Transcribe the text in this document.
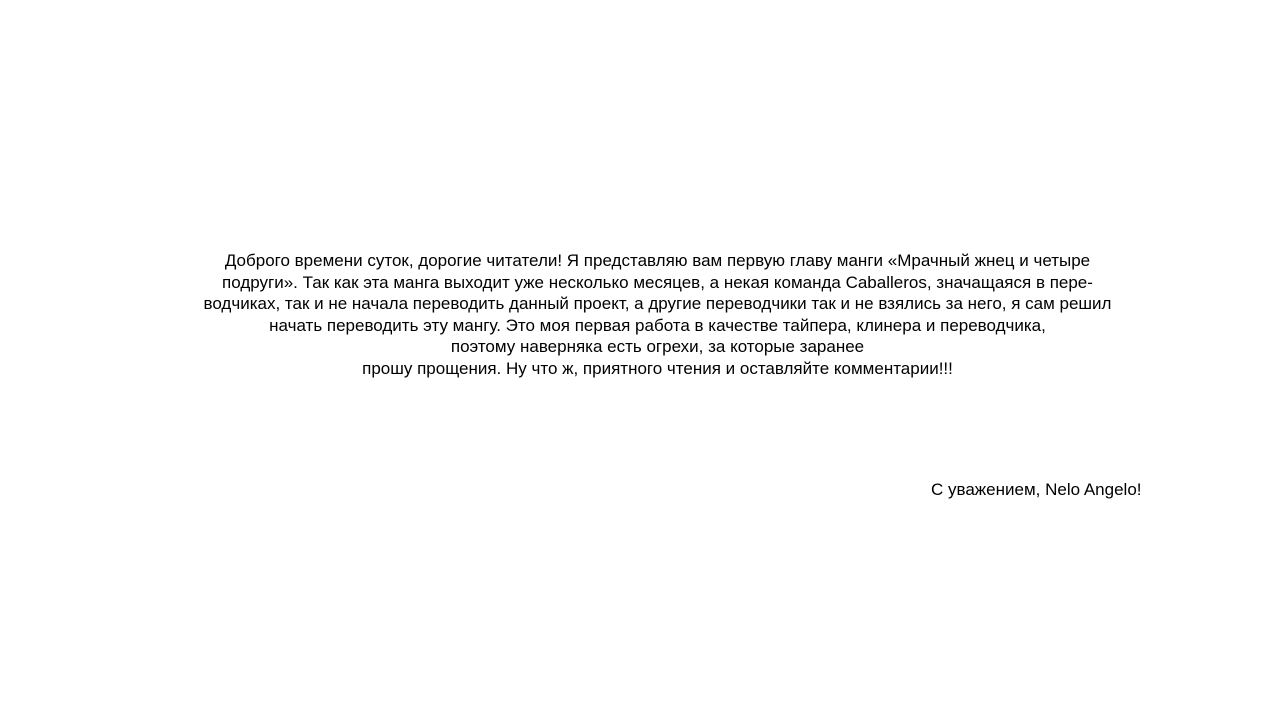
Доброго времени суток, дорогие читатели! Я представляю вам первую главу манги «Мрачный жнец и четыре
подруги». Так как эта манга выходит уже несколько месяцев, а некая команда Caballeros, значащаяся в пере-
водчиках, так и не начала переводить данный проект, а другие переводчики так и не взялись за него, я сам решил
начать переводить эту мангу. Это моя первая работа в качестве тайпера, клинера и переводчика,
поэтому наверняка есть огрехи, за которые заранее
прошу прощения. Ну что ж, приятного чтения и оставляйте комментарии!!!
С уважением, Nelo Angelo!
